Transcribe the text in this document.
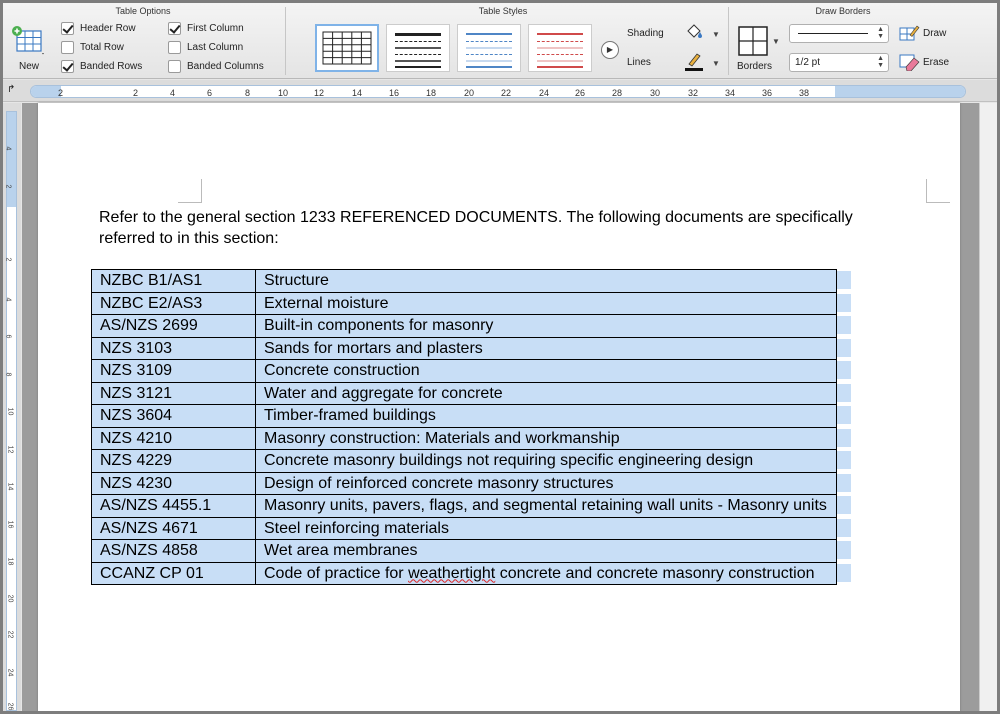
Table Options
New
Header Row
Total Row
Banded Rows
First Column
Last Column
Banded Columns
Table Styles
▶
Shading	▼
Lines	▼
Draw Borders
▼
Borders
▲
▼
1/2 pt	▲
▼
Draw
Erase
↱	2	2	4	6	8	10	12	14	16	18	20	22	24	26	28	30	32	34	36	38
4
2
2
4
6
8
10
12
14
16
18
20
22
24
26
Refer to the general section 1233 REFERENCED DOCUMENTS. The following documents are specifically referred to in this section:
NZBC B1/AS1	Structure
NZBC E2/AS3	External moisture
AS/NZS 2699	Built-in components for masonry
NZS 3103	Sands for mortars and plasters
NZS 3109	Concrete construction
NZS 3121	Water and aggregate for concrete
NZS 3604	Timber-framed buildings
NZS 4210	Masonry construction: Materials and workmanship
NZS 4229	Concrete masonry buildings not requiring specific engineering design
NZS 4230	Design of reinforced concrete masonry structures
AS/NZS 4455.1	Masonry units, pavers, flags, and segmental retaining wall units - Masonry units
AS/NZS 4671	Steel reinforcing materials
AS/NZS 4858	Wet area membranes
CCANZ CP 01	Code of practice for weathertight concrete and concrete masonry construction
